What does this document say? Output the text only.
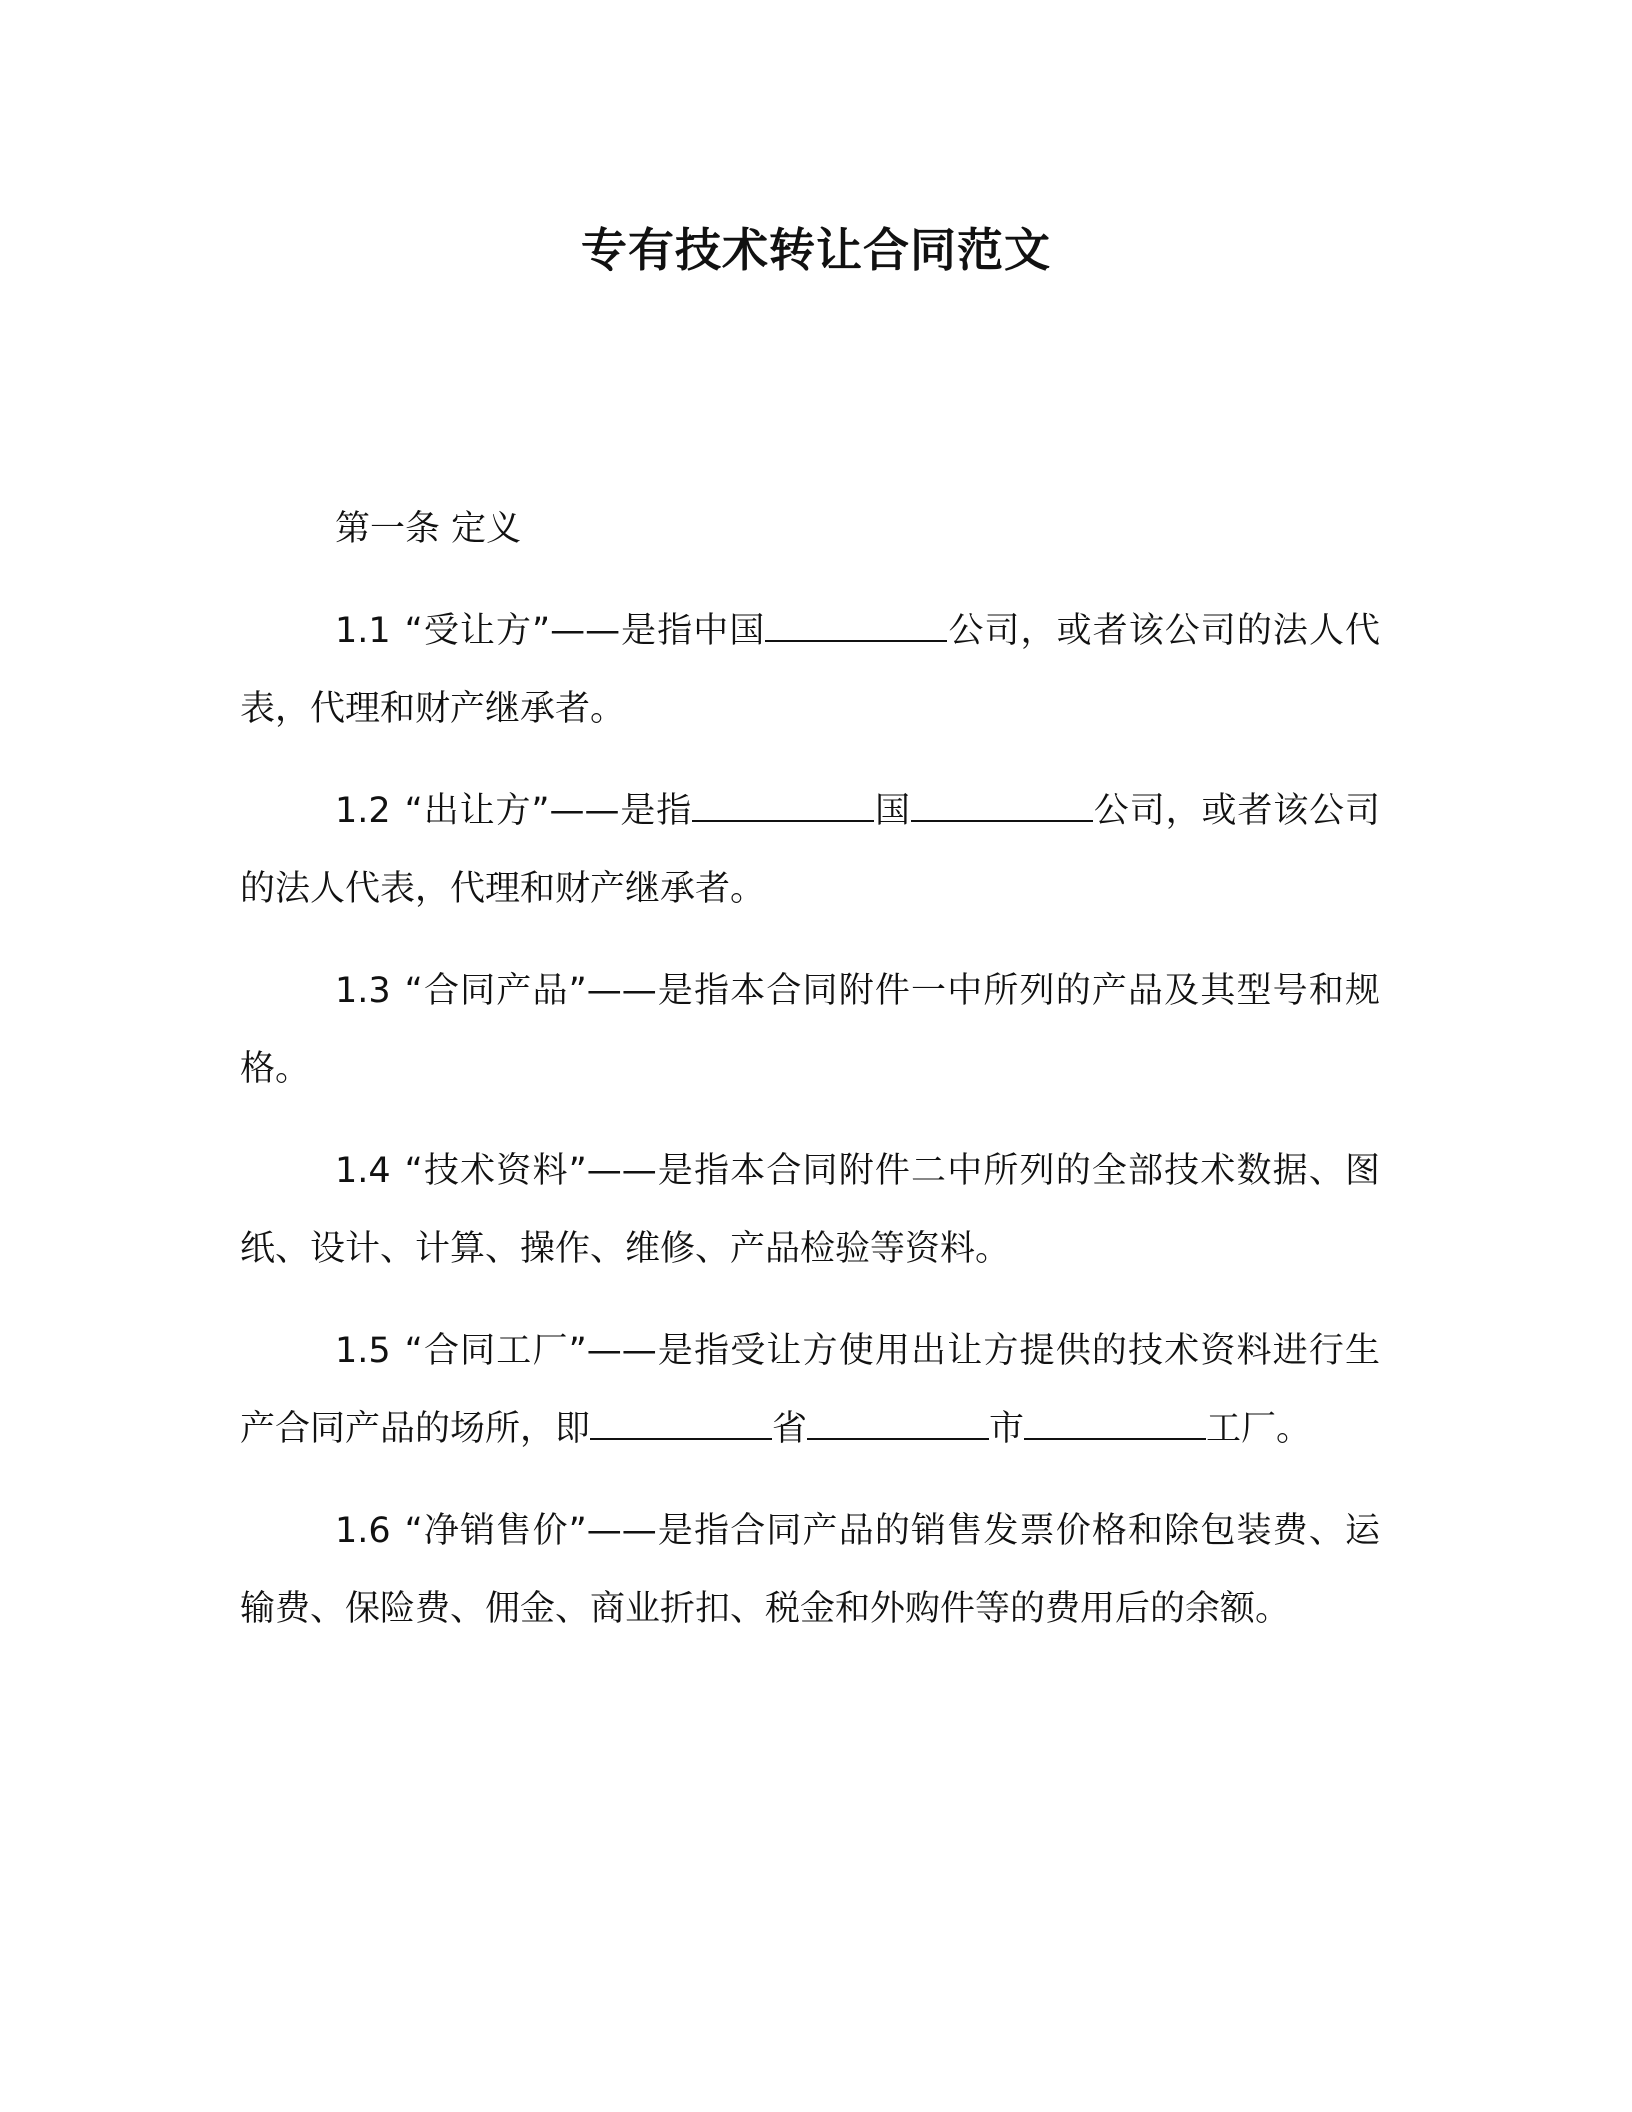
专有技术转让合同范文

第一条 定义

1.1 “受让方”——是指中国	公司，或者该公司的法人代表，代理和财产继承者。

1.2 “出让方”——是指	国	公司，或者该公司的法人代表，代理和财产继承者。

1.3 “合同产品”——是指本合同附件一中所列的产品及其型号和规格。

1.4 “技术资料”——是指本合同附件二中所列的全部技术数据、图纸、设计、计算、操作、维修、产品检验等资料。

1.5 “合同工厂”——是指受让方使用出让方提供的技术资料进行生产合同产品的场所，即	省	市	工厂。

1.6 “净销售价”——是指合同产品的销售发票价格和除包装费、运输费、保险费、佣金、商业折扣、税金和外购件等的费用后的余额。
